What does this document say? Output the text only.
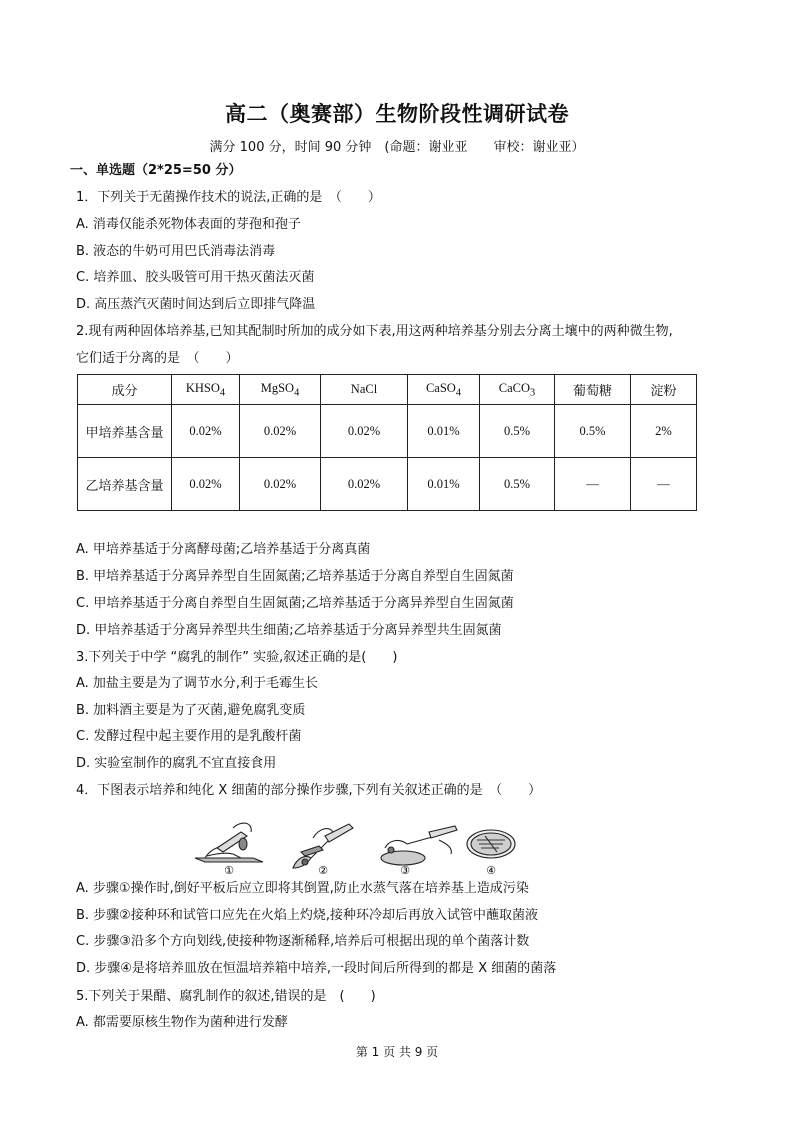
高二（奥赛部）生物阶段性调研试卷
满分 100 分，时间 90 分钟　(命题：谢业亚　　审校：谢业亚）
一、单选题（2*25=50 分）
1．下列关于无菌操作技术的说法,正确的是　（　　）
A. 消毒仅能杀死物体表面的芽孢和孢子
B. 液态的牛奶可用巴氏消毒法消毒
C. 培养皿、胶头吸管可用干热灭菌法灭菌
D. 高压蒸汽灭菌时间达到后立即排气降温
2.现有两种固体培养基,已知其配制时所加的成分如下表,用这两种培养基分别去分离土壤中的两种微生物,
它们适于分离的是　（　　）
成分	$KHSO_4$	MgSO$_4$	NaCl	CaSO$_4$	CaCO$_3$	葡萄糖	淀粉
甲培养基含量	0.02%	0.02%	0.02%	0.01%	0.5%	0.5%	2%
乙培养基含量	0.02%	0.02%	0.02%	0.01%	0.5%	—	—
A. 甲培养基适于分离酵母菌;乙培养基适于分离真菌
B. 甲培养基适于分离异养型自生固氮菌;乙培养基适于分离自养型自生固氮菌
C. 甲培养基适于分离自养型自生固氮菌;乙培养基适于分离异养型自生固氮菌
D. 甲培养基适于分离异养型共生细菌;乙培养基适于分离异养型共生固氮菌
3.下列关于中学 “腐乳的制作” 实验,叙述正确的是(　　)
A. 加盐主要是为了调节水分,利于毛霉生长
B. 加料酒主要是为了灭菌,避免腐乳变质
C. 发酵过程中起主要作用的是乳酸杆菌
D. 实验室制作的腐乳不宜直接食用
4．下图表示培养和纯化 X 细菌的部分操作步骤,下列有关叙述正确的是　（　　）
①	②	③	④
A. 步骤①操作时,倒好平板后应立即将其倒置,防止水蒸气落在培养基上造成污染
B. 步骤②接种环和试管口应先在火焰上灼烧,接种环冷却后再放入试管中蘸取菌液
C. 步骤③沿多个方向划线,使接种物逐渐稀释,培养后可根据出现的单个菌落计数
D. 步骤④是将培养皿放在恒温培养箱中培养,一段时间后所得到的都是 X 细菌的菌落
5.下列关于果醋、腐乳制作的叙述,错误的是　(　　)
A. 都需要原核生物作为菌种进行发酵
第 1 页 共 9 页
